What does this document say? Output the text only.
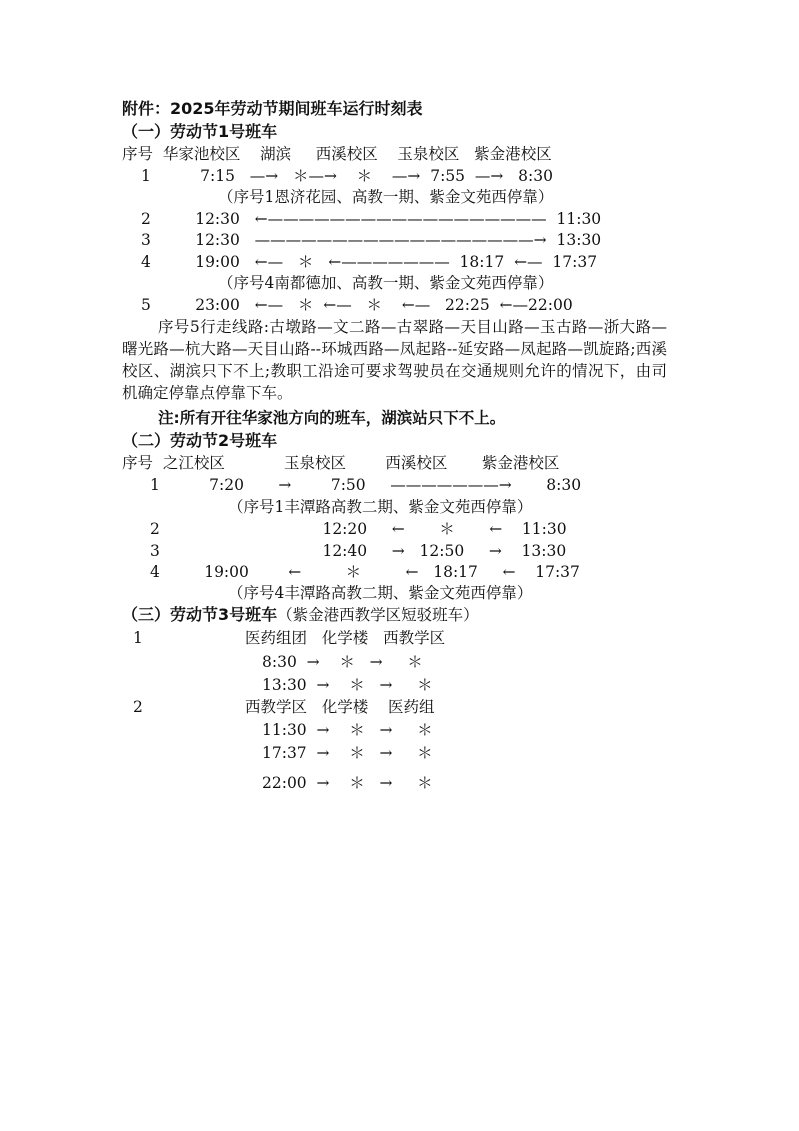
附件：2025年劳动节期间班车运行时刻表
（一）劳动节1号班车
序号  华家池校区    湖滨     西溪校区    玉泉校区   紫金港校区
1          7:15   —→   ＊—→    ＊    —→  7:55  —→   8:30
（序号1恩济花园、高教一期、紫金文苑西停靠）
2         12:30   ←——————————————————  11:30
3         12:30   ——————————————————→  13:30
4         19:00   ←—   ＊   ←———————  18:17  ←—  17:37
（序号4南都德加、高教一期、紫金文苑西停靠）
5         23:00   ←—   ＊  ←—   ＊    ←—   22:25  ←—22:00
序号5行走线路:古墩路—文二路—古翠路—天目山路—玉古路—浙大路—曙光路—杭大路—天目山路--环城西路—凤起路--延安路—凤起路—凯旋路;西溪校区、湖滨只下不上;教职工沿途可要求驾驶员在交通规则允许的情况下，由司机确定停靠点停靠下车。
注:所有开往华家池方向的班车，湖滨站只下不上。
（二）劳动节2号班车
序号  之江校区            玉泉校区        西溪校区       紫金港校区
1          7:20       →        7:50     ———————→       8:30
（序号1丰潭路高教二期、紫金文苑西停靠）
2                                 12:20     ←       ＊       ←    11:30
3                                 12:40     →   12:50     →    13:30
4         19:00        ←         ＊         ←   18:17     ←    17:37
（序号4丰潭路高教二期、紫金文苑西停靠）
（三）劳动节3号班车（紫金港西教学区短驳班车）
1	医药组团   化学楼   西教学区
8:30  →    ＊   →     ＊
13:30  →    ＊   →     ＊
2	西教学区   化学楼    医药组
11:30  →    ＊   →     ＊
17:37  →    ＊   →     ＊
22:00  →    ＊   →     ＊
